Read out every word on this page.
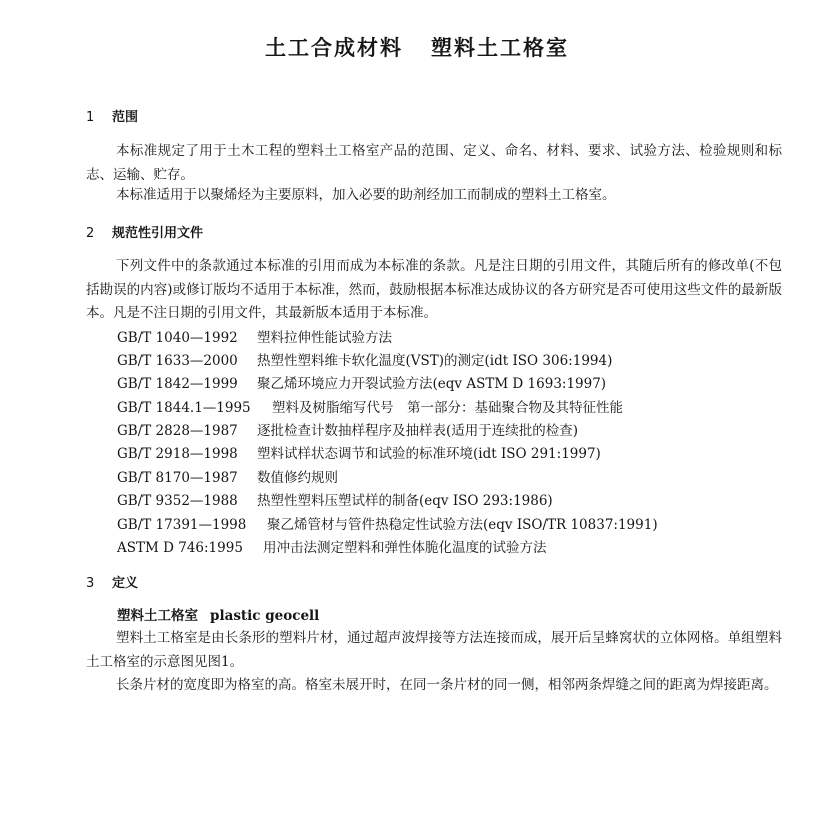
土工合成材料 塑料土工格室
1 范围
本标准规定了用于土木工程的塑料土工格室产品的范围、定义、命名、材料、要求、试验方法、检验规则和标志、运输、贮存。
本标准适用于以聚烯烃为主要原料，加入必要的助剂经加工而制成的塑料土工格室。
2 规范性引用文件
下列文件中的条款通过本标准的引用而成为本标准的条款。凡是注日期的引用文件，其随后所有的修改单(不包括勘误的内容)或修订版均不适用于本标准，然而，鼓励根据本标准达成协议的各方研究是否可使用这些文件的最新版本。凡是不注日期的引用文件，其最新版本适用于本标准。
GB/T 1040—1992 塑料拉伸性能试验方法
GB/T 1633—2000 热塑性塑料维卡软化温度(VST)的测定(idt ISO 306:1994)
GB/T 1842—1999 聚乙烯环境应力开裂试验方法(eqv ASTM D 1693:1997)
GB/T 1844.1—1995 塑料及树脂缩写代号　第一部分：基础聚合物及其特征性能
GB/T 2828—1987 逐批检查计数抽样程序及抽样表(适用于连续批的检查)
GB/T 2918—1998 塑料试样状态调节和试验的标准环境(idt ISO 291:1997)
GB/T 8170—1987 数值修约规则
GB/T 9352—1988 热塑性塑料压塑试样的制备(eqv ISO 293:1986)
GB/T 17391—1998 聚乙烯管材与管件热稳定性试验方法(eqv ISO/TR 10837:1991)
ASTM D 746:1995 用冲击法测定塑料和弹性体脆化温度的试验方法
3 定义
塑料土工格室 plastic geocell
塑料土工格室是由长条形的塑料片材，通过超声波焊接等方法连接而成，展开后呈蜂窝状的立体网格。单组塑料土工格室的示意图见图1。
长条片材的宽度即为格室的高。格室未展开时，在同一条片材的同一侧，相邻两条焊缝之间的距离为焊接距离。
